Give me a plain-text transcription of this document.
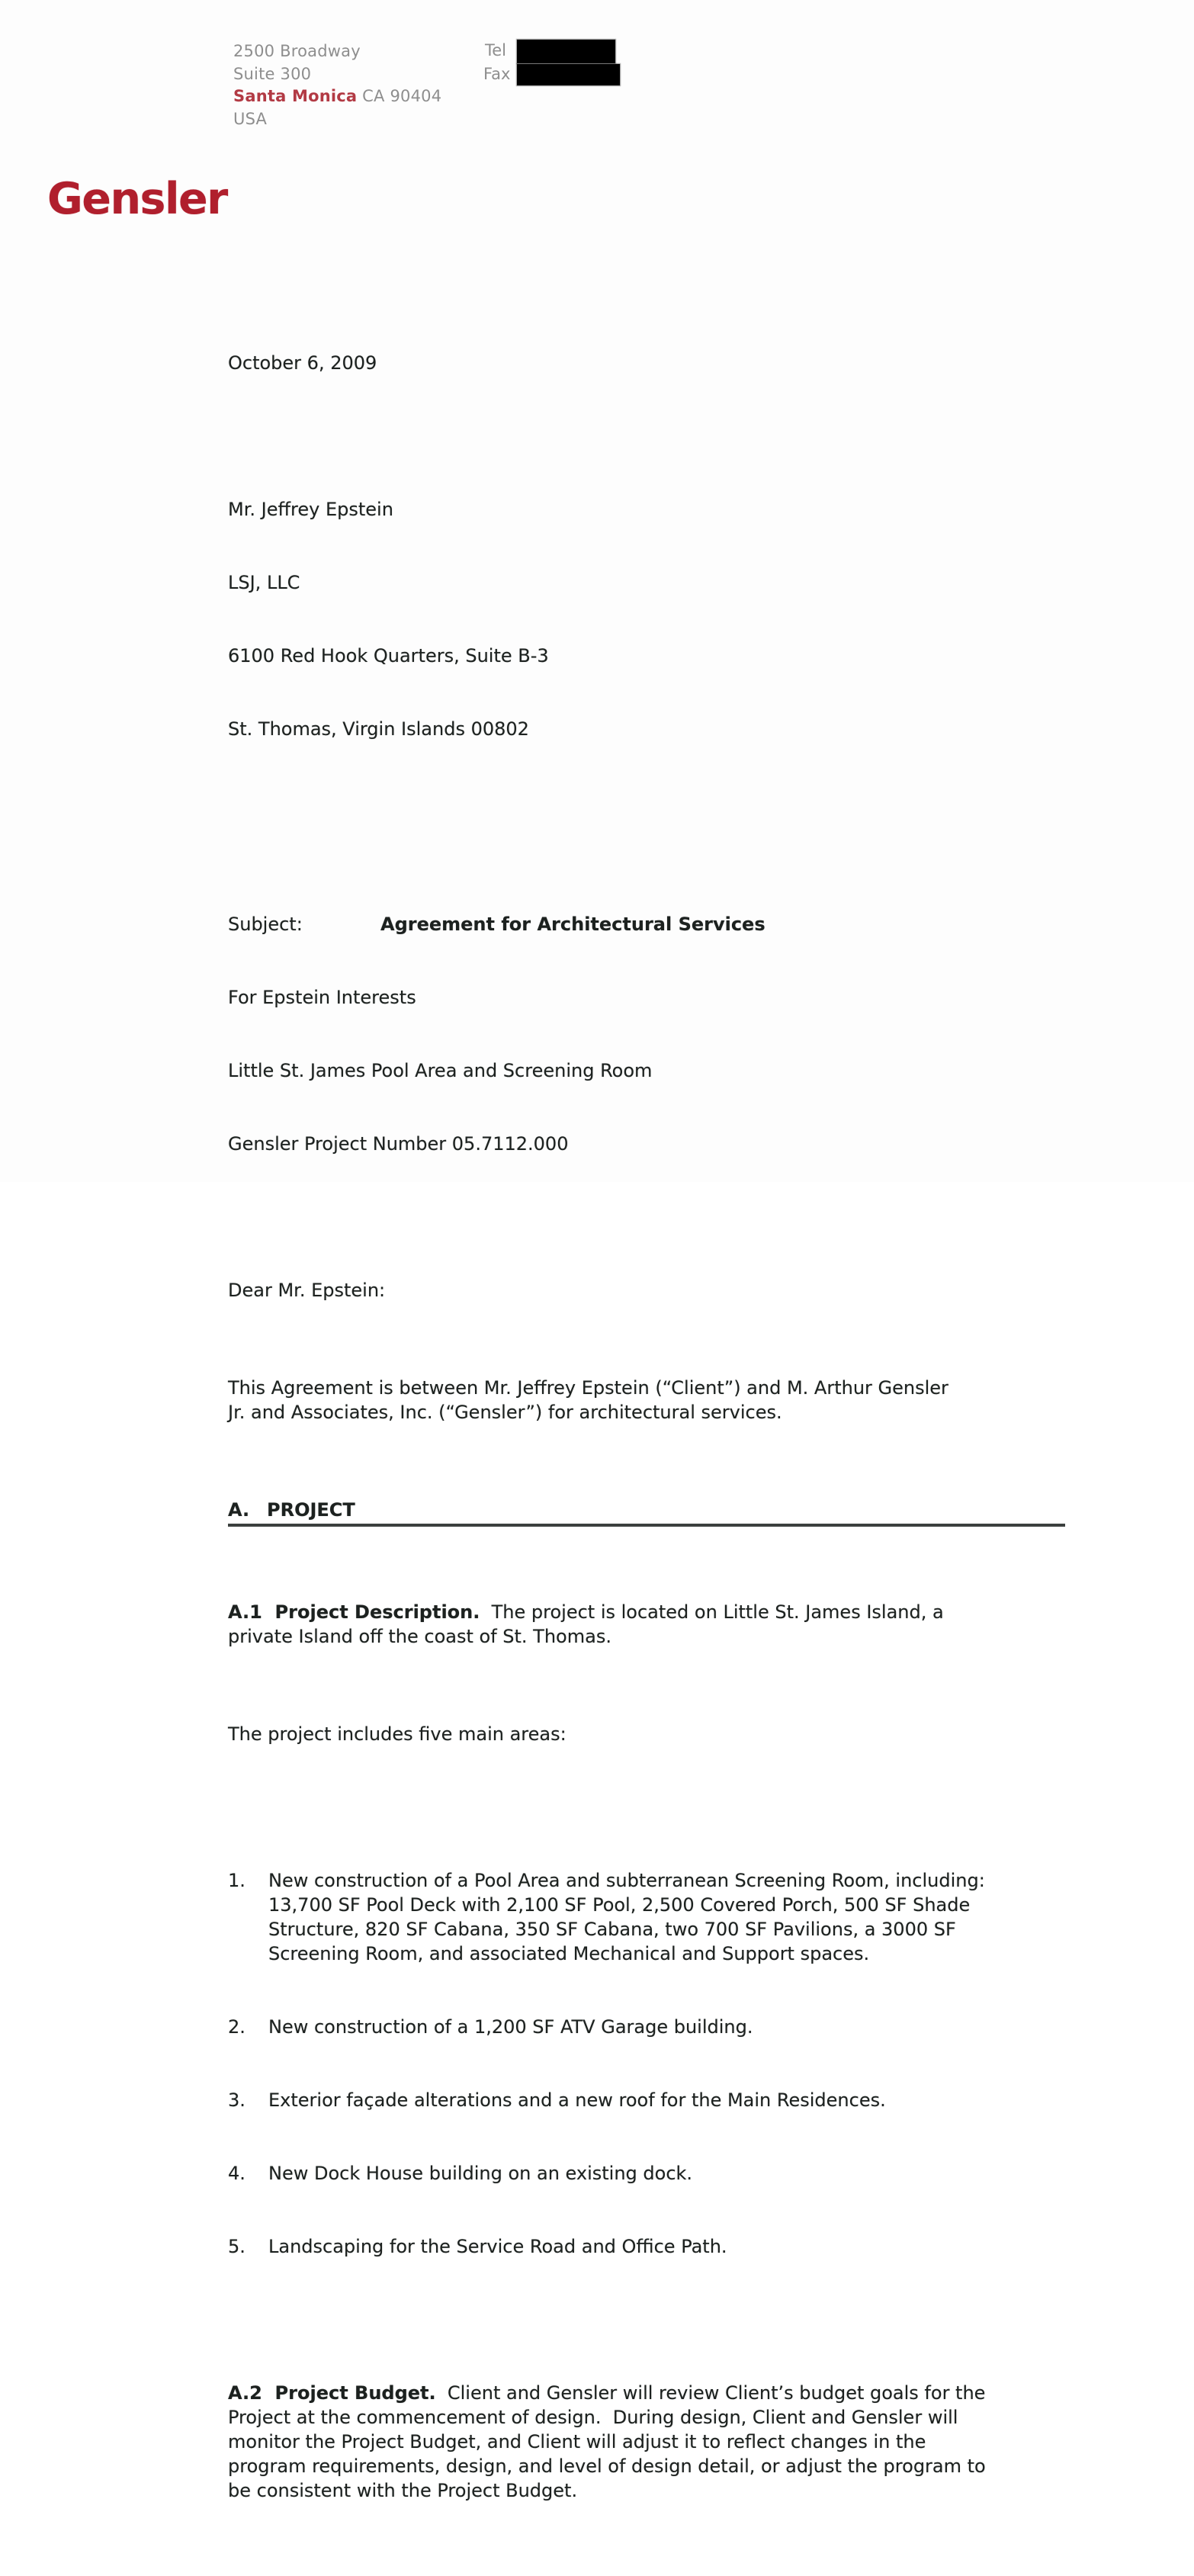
2500 Broadway
Suite 300
Santa Monica CA 90404
USA
Tel
Fax
Gensler

October 6, 2009

Mr. Jeffrey Epstein

LSJ, LLC

6100 Red Hook Quarters, Suite B-3

St. Thomas, Virgin Islands 00802

Subject:	Agreement for Architectural Services

For Epstein Interests

Little St. James Pool Area and Screening Room

Gensler Project Number 05.7112.000

Dear Mr. Epstein:

This Agreement is between Mr. Jeffrey Epstein (“Client”) and M. Arthur Gensler
Jr. and Associates, Inc. (“Gensler”) for architectural services.

A. PROJECT

A.1  Project Description.  The project is located on Little St. James Island, a
private Island off the coast of St. Thomas.

The project includes five main areas:

1.	New construction of a Pool Area and subterranean Screening Room, including:
13,700 SF Pool Deck with 2,100 SF Pool, 2,500 Covered Porch, 500 SF Shade
Structure, 820 SF Cabana, 350 SF Cabana, two 700 SF Pavilions, a 3000 SF
Screening Room, and associated Mechanical and Support spaces.

2.	New construction of a 1,200 SF ATV Garage building.

3.	Exterior façade alterations and a new roof for the Main Residences.

4.	New Dock House building on an existing dock.

5.	Landscaping for the Service Road and Office Path.

A.2  Project Budget.  Client and Gensler will review Client’s budget goals for the
Project at the commencement of design.  During design, Client and Gensler will
monitor the Project Budget, and Client will adjust it to reflect changes in the
program requirements, design, and level of design detail, or adjust the program to
be consistent with the Project Budget.
